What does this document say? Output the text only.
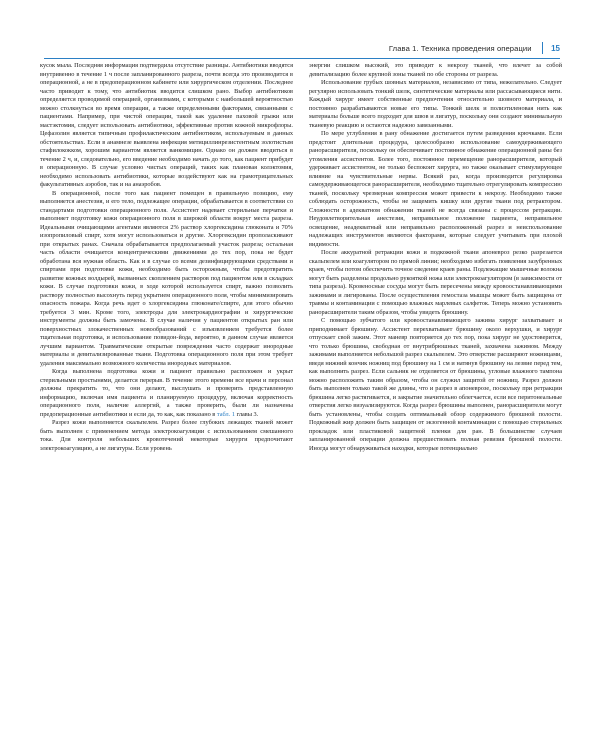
Глава 1. Техника проведения операции 15

кусок мыла. Последняя информация подтвердила отсутствие разницы. Антибиотики вводятся внутривенно в течение 1 ч после запланированного разреза, почти всегда это производится в операционной, а не в предоперационном кабинете или хирургическом отделении. Последнее часто приводит к тому, что антибиотик вводится слишком рано. Выбор антибиотиков определяется проводимой операцией, организмами, с которыми с наибольшей вероятностью можно столкнуться во время операции, а также определенными факторами, связанными с пациентами. Например, при чистой операции, такой как удаление паховой грыжи или мастэктомия, следует использовать антибиотики, эффективные против кожной микрофлоры. Цефазолин является типичным профилактическим антибиотиком, используемым в данных обстоятельствах. Если в анамнезе выявлена инфекция метициллинрезистентным золотистым стафилококком, хорошим вариантом является ванкомицин. Однако он должен вводиться в течение 2 ч, и, следовательно, его введение необходимо начать до того, как пациент прибудет в операционную. В случае условно чистых операций, таких как плановая колэктомия, необходимо использовать антибиотики, которые воздействуют как на грамотрицательных факультативных аэробов, так и на анаэробов.

В операционной, после того как пациент помещен в правильную позицию, ему выполняется анестезия, и его тело, подлежащее операции, обрабатывается в соответствии со стандартами подготовки операционного поля. Ассистент надевает стерильные перчатки и выполняет подготовку кожи операционного поля в широкой области вокруг места разреза. Идеальными очищающими агентами являются 2% раствор хлоргексидина глюконата и 70% изопропиловый спирт, хотя могут использоваться и другие. Хлоргексидин прополаскивают при открытых ранах. Сначала обрабатывается предполагаемый участок разреза; остальная часть области очищается концентрическими движениями до тех пор, пока не будет обработана вся нужная область. Как и в случае со всеми дезинфицирующими средствами и спиртами при подготовке кожи, необходимо быть осторожным, чтобы предотвратить развитие кожных волдырей, вызванных скоплением растворов под пациентом или в складках кожи. В случае подготовки кожи, в ходе которой используется спирт, важно позволить раствору полностью высохнуть перед укрытием операционного поля, чтобы минимизировать опасность пожара. Когда речь идет о хлоргексидина глюконате/спирте, для этого обычно требуется 3 мин. Кроме того, электроды для электрокардиографии и хирургические инструменты должны быть замочены. В случае наличия у пациентов открытых ран или поверхностных злокачественных новообразований с изъязвлением требуется более тщательная подготовка, и использование повидон-йода, вероятно, в данном случае является лучшим вариантом. Травматические открытые повреждения часто содержат инородные материалы и девитализированные ткани. Подготовка операционного поля при этом требует удаления максимально возможного количества инородных материалов.

Когда выполнена подготовка кожи и пациент правильно расположен и укрыт стерильными простынями, делается перерыв. В течение этого времени все врачи и персонал должны прекратить то, что они делают, выслушать и проверить представленную информацию, включая имя пациента и планируемую процедуру, включая корректность операционного поля, наличие аллергий, а также проверить, были ли назначены предоперационные антибиотики и если да, то как, как показано в табл. 1 главы 3.

Разрез кожи выполняется скальпелем. Разрез более глубоких лежащих тканей может быть выполнен с применением метода электрокоагуляции с использованием смешанного тока. Для контроля небольших кровотечений некоторые хирурги предпочитают электрокоагуляцию, а не лигатуры. Если уровень

энергии слишком высокий, это приводит к некрозу тканей, что влечет за собой девитализацию более крупной зоны тканей по обе стороны от разреза.

Использование грубых шовных материалов, независимо от типа, нежелательно. Следует регулярно использовать тонкий шелк, синтетические материалы или рассасывающиеся нити. Каждый хирург имеет собственные предпочтения относительно шовного материала, и постоянно разрабатываются новые его типы. Тонкий шелк и полиэтиленовая нить как материалы больше всего подходят для швов и лигатур, поскольку они создают минимальную тканевую реакцию и остаются надежно завязанными.

По мере углубления в рану обнажение достигается путем разведения крючками. Если предстоит длительная процедура, целесообразно использование самоудерживающего ранорасширителя, поскольку он обеспечивает постоянное обнажение операционной раны без утомления ассистентов. Более того, постоянное перемещение ранорасширителя, который удерживает ассистентом, не только беспокоит хирурга, но также оказывает стимулирующее влияние на чувствительные нервы. Всякий раз, когда производится регулировка самоудерживающегося ранорасширителя, необходимо тщательно отрегулировать компрессию тканей, поскольку чрезмерная компрессия может привести к некрозу. Необходимо также соблюдать осторожность, чтобы не защемить кишку или другие ткани под ретрактором. Сложности в адекватном обнажении тканей не всегда связаны с процессом ретракции. Неудовлетворительная анестезия, неправильное положение пациента, неправильное освещение, неадекватный или неправильно расположенный разрез и неиспользование надлежащих инструментов являются факторами, которые следует учитывать при плохой видимости.

После аккуратной ретракции кожи и подкожной ткани апоневроз резко разрезается скальпелем или коагулятором по прямой линии; необходимо избегать появления зазубренных краев, чтобы потом обеспечить точное сведение краев раны. Подлежащие мышечные волокна могут быть разделены продольно рукояткой ножа или электрокоагулятором (в зависимости от типа разреза). Кровеносные сосуды могут быть пересечены между кровоостанавливающими зажимами и лигированы. После осуществления гемостаза мышцы может быть защищена от травмы и контаминации с помощью влажных марлевых салфеток. Теперь можно установить ранорасширители таким образом, чтобы увидеть брюшину.

С помощью зубчатого или кровоостанавливающего зажима хирург захватывает и приподнимает брюшину. Ассистент перехватывает брюшину около верхушки, и хирург отпускает свой зажим. Этот маневр повторяется до тех пор, пока хирург не удостоверится, что только брюшина, свободная от внутрибрюшных тканей, захвачена зажимом. Между зажимами выполняется небольшой разрез скальпелем. Это отверстие расширяют ножницами, введя нижний кончик ножниц под брюшину на 1 см и натянув брюшину на лезвие перед тем, как выполнить разрез. Если сальник не отделяется от брюшины, угловые влажного тампона можно расположить таким образом, чтобы он служил защитой от ножниц. Разрез должен быть выполнен только такой же длины, что и разрез в апоневрозе, поскольку при ретракции брюшина легко растягивается, и закрытие значительно облегчается, если все перитонеальные отверстия легко визуализируются. Когда разрез брюшины выполнен, ранорасширители могут быть установлены, чтобы создать оптимальный обзор содержимого брюшной полости. Подкожный жир должен быть защищен от экзогенной контаминации с помощью стерильных прокладок или пластиковой защитной пленки для ран. В большинстве случаев запланированной операции должна предшествовать полная ревизия брюшной полости. Иногда могут обнаруживаться находки, которые потенциально
